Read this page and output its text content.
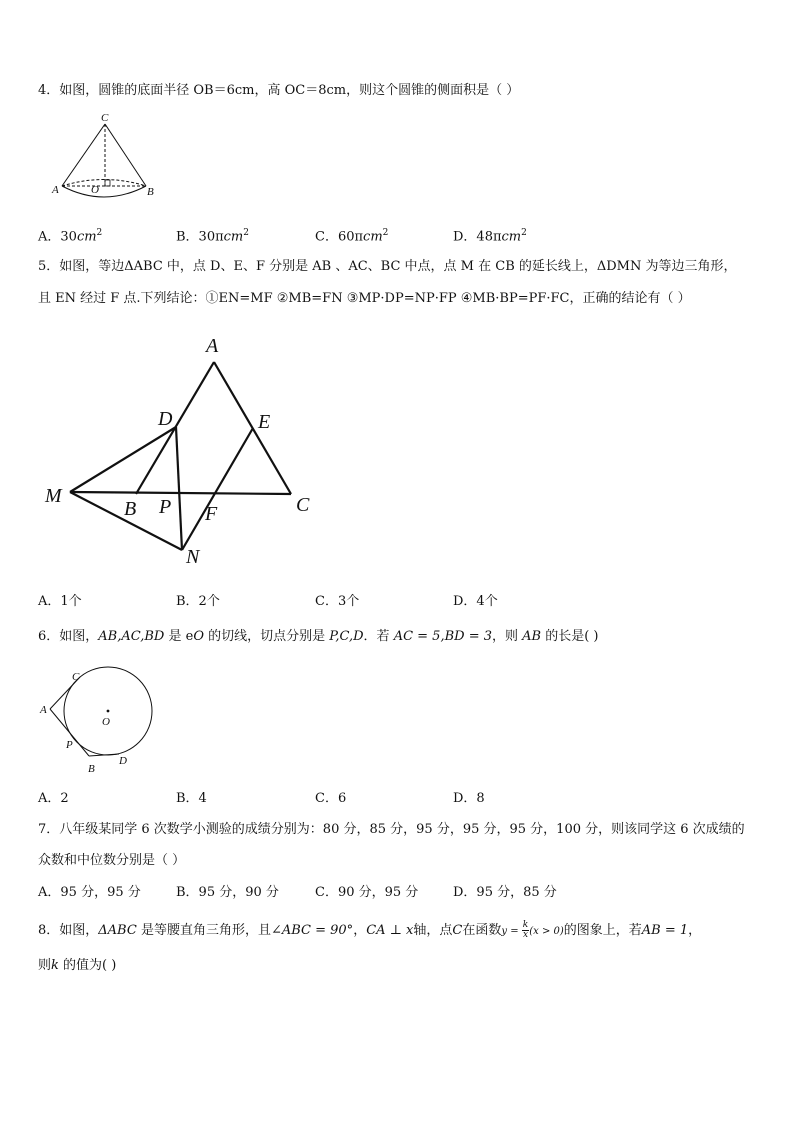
4．如图，圆锥的底面半径 OB＝6cm，高 OC＝8cm，则这个圆锥的侧面积是（ ）
C
A	O	B
A．$30cm^2$	B．30πcm$^2$	C．60πcm$^2$	D．48πcm$^2$
5．如图，等边ΔABC 中，点 D、E、F 分别是 AB 、AC、BC 中点，点 M 在 CB 的延长线上，ΔDMN 为等边三角形，
且 EN 经过 F 点.下列结论：①EN=MF ②MB=FN ③MP·DP=NP·FP ④MB·BP=PF·FC，正确的结论有（ ）
A
D	E
M
B P F	C
N
A．1个	B．2个	C．3个	D．4个
6．如图，AB,AC,BD 是 eO 的切线，切点分别是 P,C,D．若 AC = 5,BD = 3，则 AB 的长是( )
C
A
O
P
B
D
A．2	B．4	C．6	D．8
7．八年级某同学 6 次数学小测验的成绩分别为：80 分，85 分，95 分，95 分，95 分，100 分，则该同学这 6 次成绩的
众数和中位数分别是（ ）
A．95 分，95 分	B．95 分，90 分	C．90 分，95 分	D．95 分，85 分
8．如图，ΔABC 是等腰直角三角形，且∠ABC = 90°，CA ⊥ x轴，点C在函数$y = \frac{k}{x} (x > 0)$的图象上，若AB = 1，
则k 的值为( )
